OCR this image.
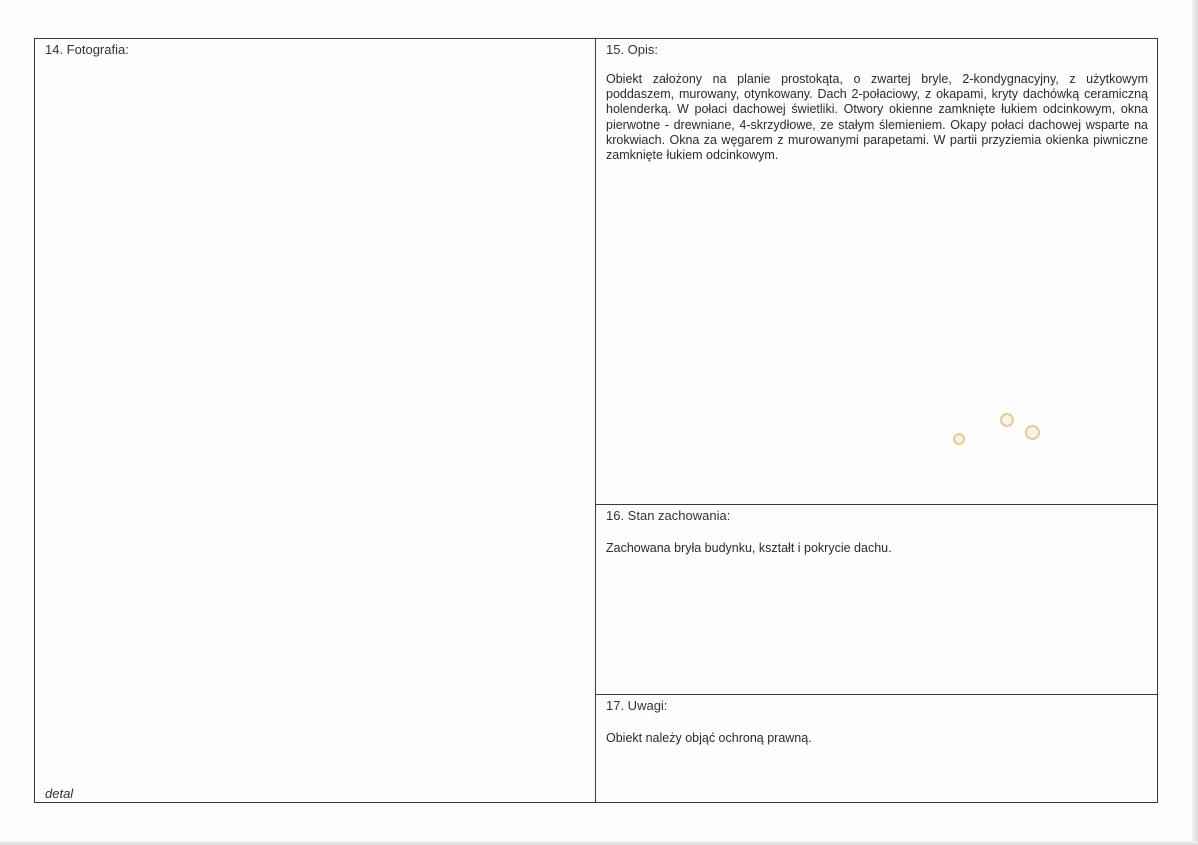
14. Fotografia:
detal
15. Opis:
Obiekt założony na planie prostokąta, o zwartej bryle, 2-kondygnacyjny, z użytkowym poddaszem, murowany, otynkowany. Dach 2-połaciowy, z okapami, kryty dachówką ceramiczną holenderką. W połaci dachowej świetliki. Otwory okienne zamknięte łukiem odcinkowym, okna pierwotne - drewniane, 4-skrzydłowe, ze stałym ślemieniem. Okapy połaci dachowej wsparte na krokwiach. Okna za węgarem z murowanymi parapetami. W partii przyziemia okienka piwniczne zamknięte łukiem odcinkowym.
16. Stan zachowania:
Zachowana bryła budynku, kształt i pokrycie dachu.
17. Uwagi:
Obiekt należy objąć ochroną prawną.
